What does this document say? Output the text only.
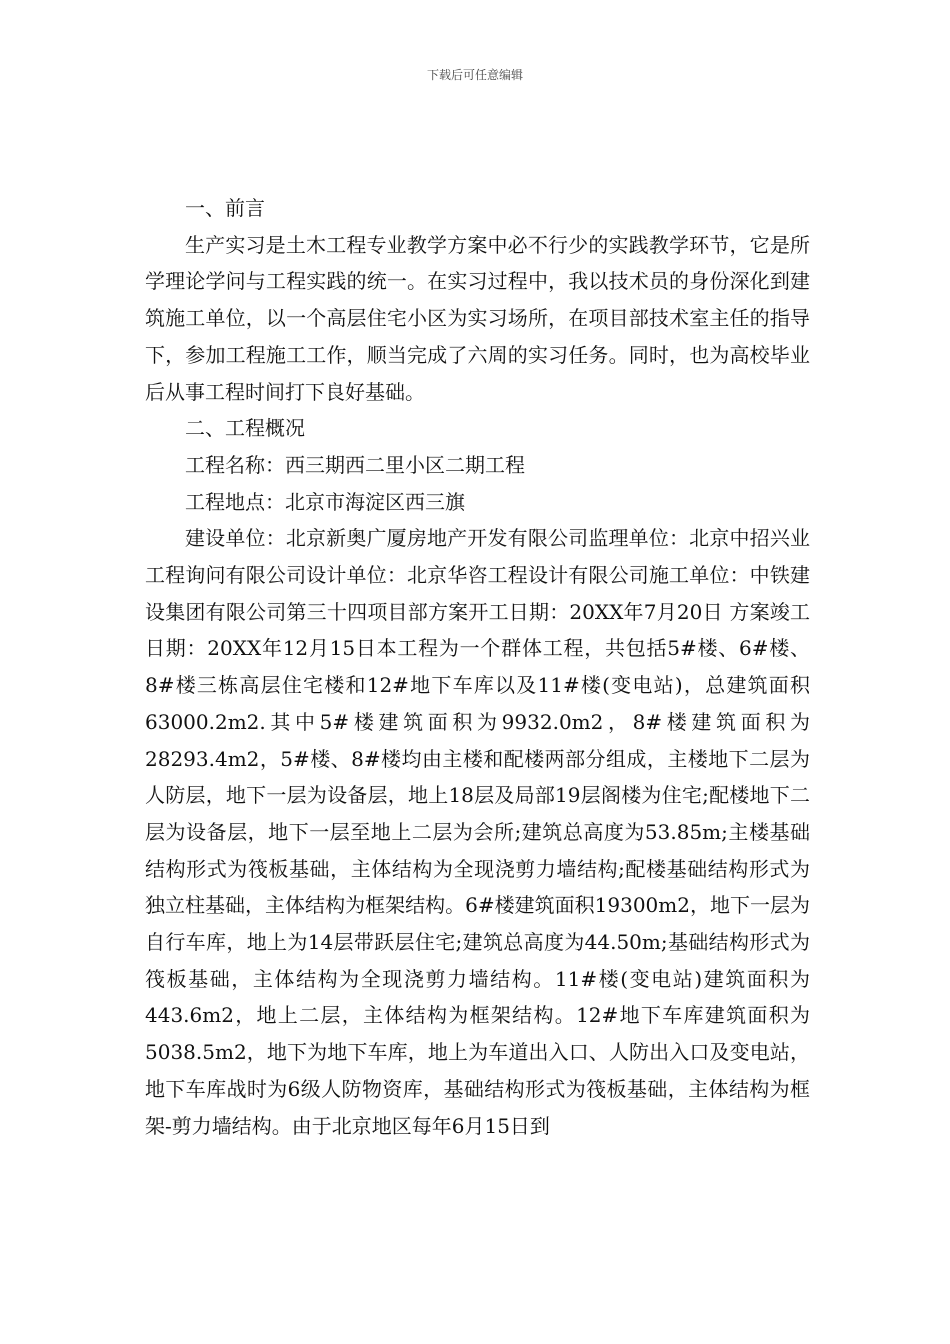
下载后可任意编辑

一、前言

生产实习是土木工程专业教学方案中必不行少的实践教学环节，它是所学理论学问与工程实践的统一。在实习过程中，我以技术员的身份深化到建筑施工单位，以一个高层住宅小区为实习场所，在项目部技术室主任的指导下，参加工程施工工作，顺当完成了六周的实习任务。同时，也为高校毕业后从事工程时间打下良好基础。

二、工程概况

工程名称：西三期西二里小区二期工程

工程地点：北京市海淀区西三旗

建设单位：北京新奥广厦房地产开发有限公司监理单位：北京中招兴业工程询问有限公司设计单位：北京华咨工程设计有限公司施工单位：中铁建设集团有限公司第三十四项目部方案开工日期：20XX年7月20日 方案竣工日期：20XX年12月15日本工程为一个群体工程，共包括5#楼、6#楼、8#楼三栋高层住宅楼和12#地下车库以及11#楼(变电站)，总建筑面积63000.2m2.其中5#楼建筑面积为9932.0m2，8#楼建筑面积为28293.4m2，5#楼、8#楼均由主楼和配楼两部分组成，主楼地下二层为人防层，地下一层为设备层，地上18层及局部19层阁楼为住宅;配楼地下二层为设备层，地下一层至地上二层为会所;建筑总高度为53.85m;主楼基础结构形式为筏板基础，主体结构为全现浇剪力墙结构;配楼基础结构形式为独立柱基础，主体结构为框架结构。6#楼建筑面积19300m2，地下一层为自行车库，地上为14层带跃层住宅;建筑总高度为44.50m;基础结构形式为筏板基础，主体结构为全现浇剪力墙结构。11#楼(变电站)建筑面积为443.6m2，地上二层，主体结构为框架结构。12#地下车库建筑面积为5038.5m2，地下为地下车库，地上为车道出入口、人防出入口及变电站，地下车库战时为6级人防物资库，基础结构形式为筏板基础，主体结构为框架-剪力墙结构。由于北京地区每年6月15日到
